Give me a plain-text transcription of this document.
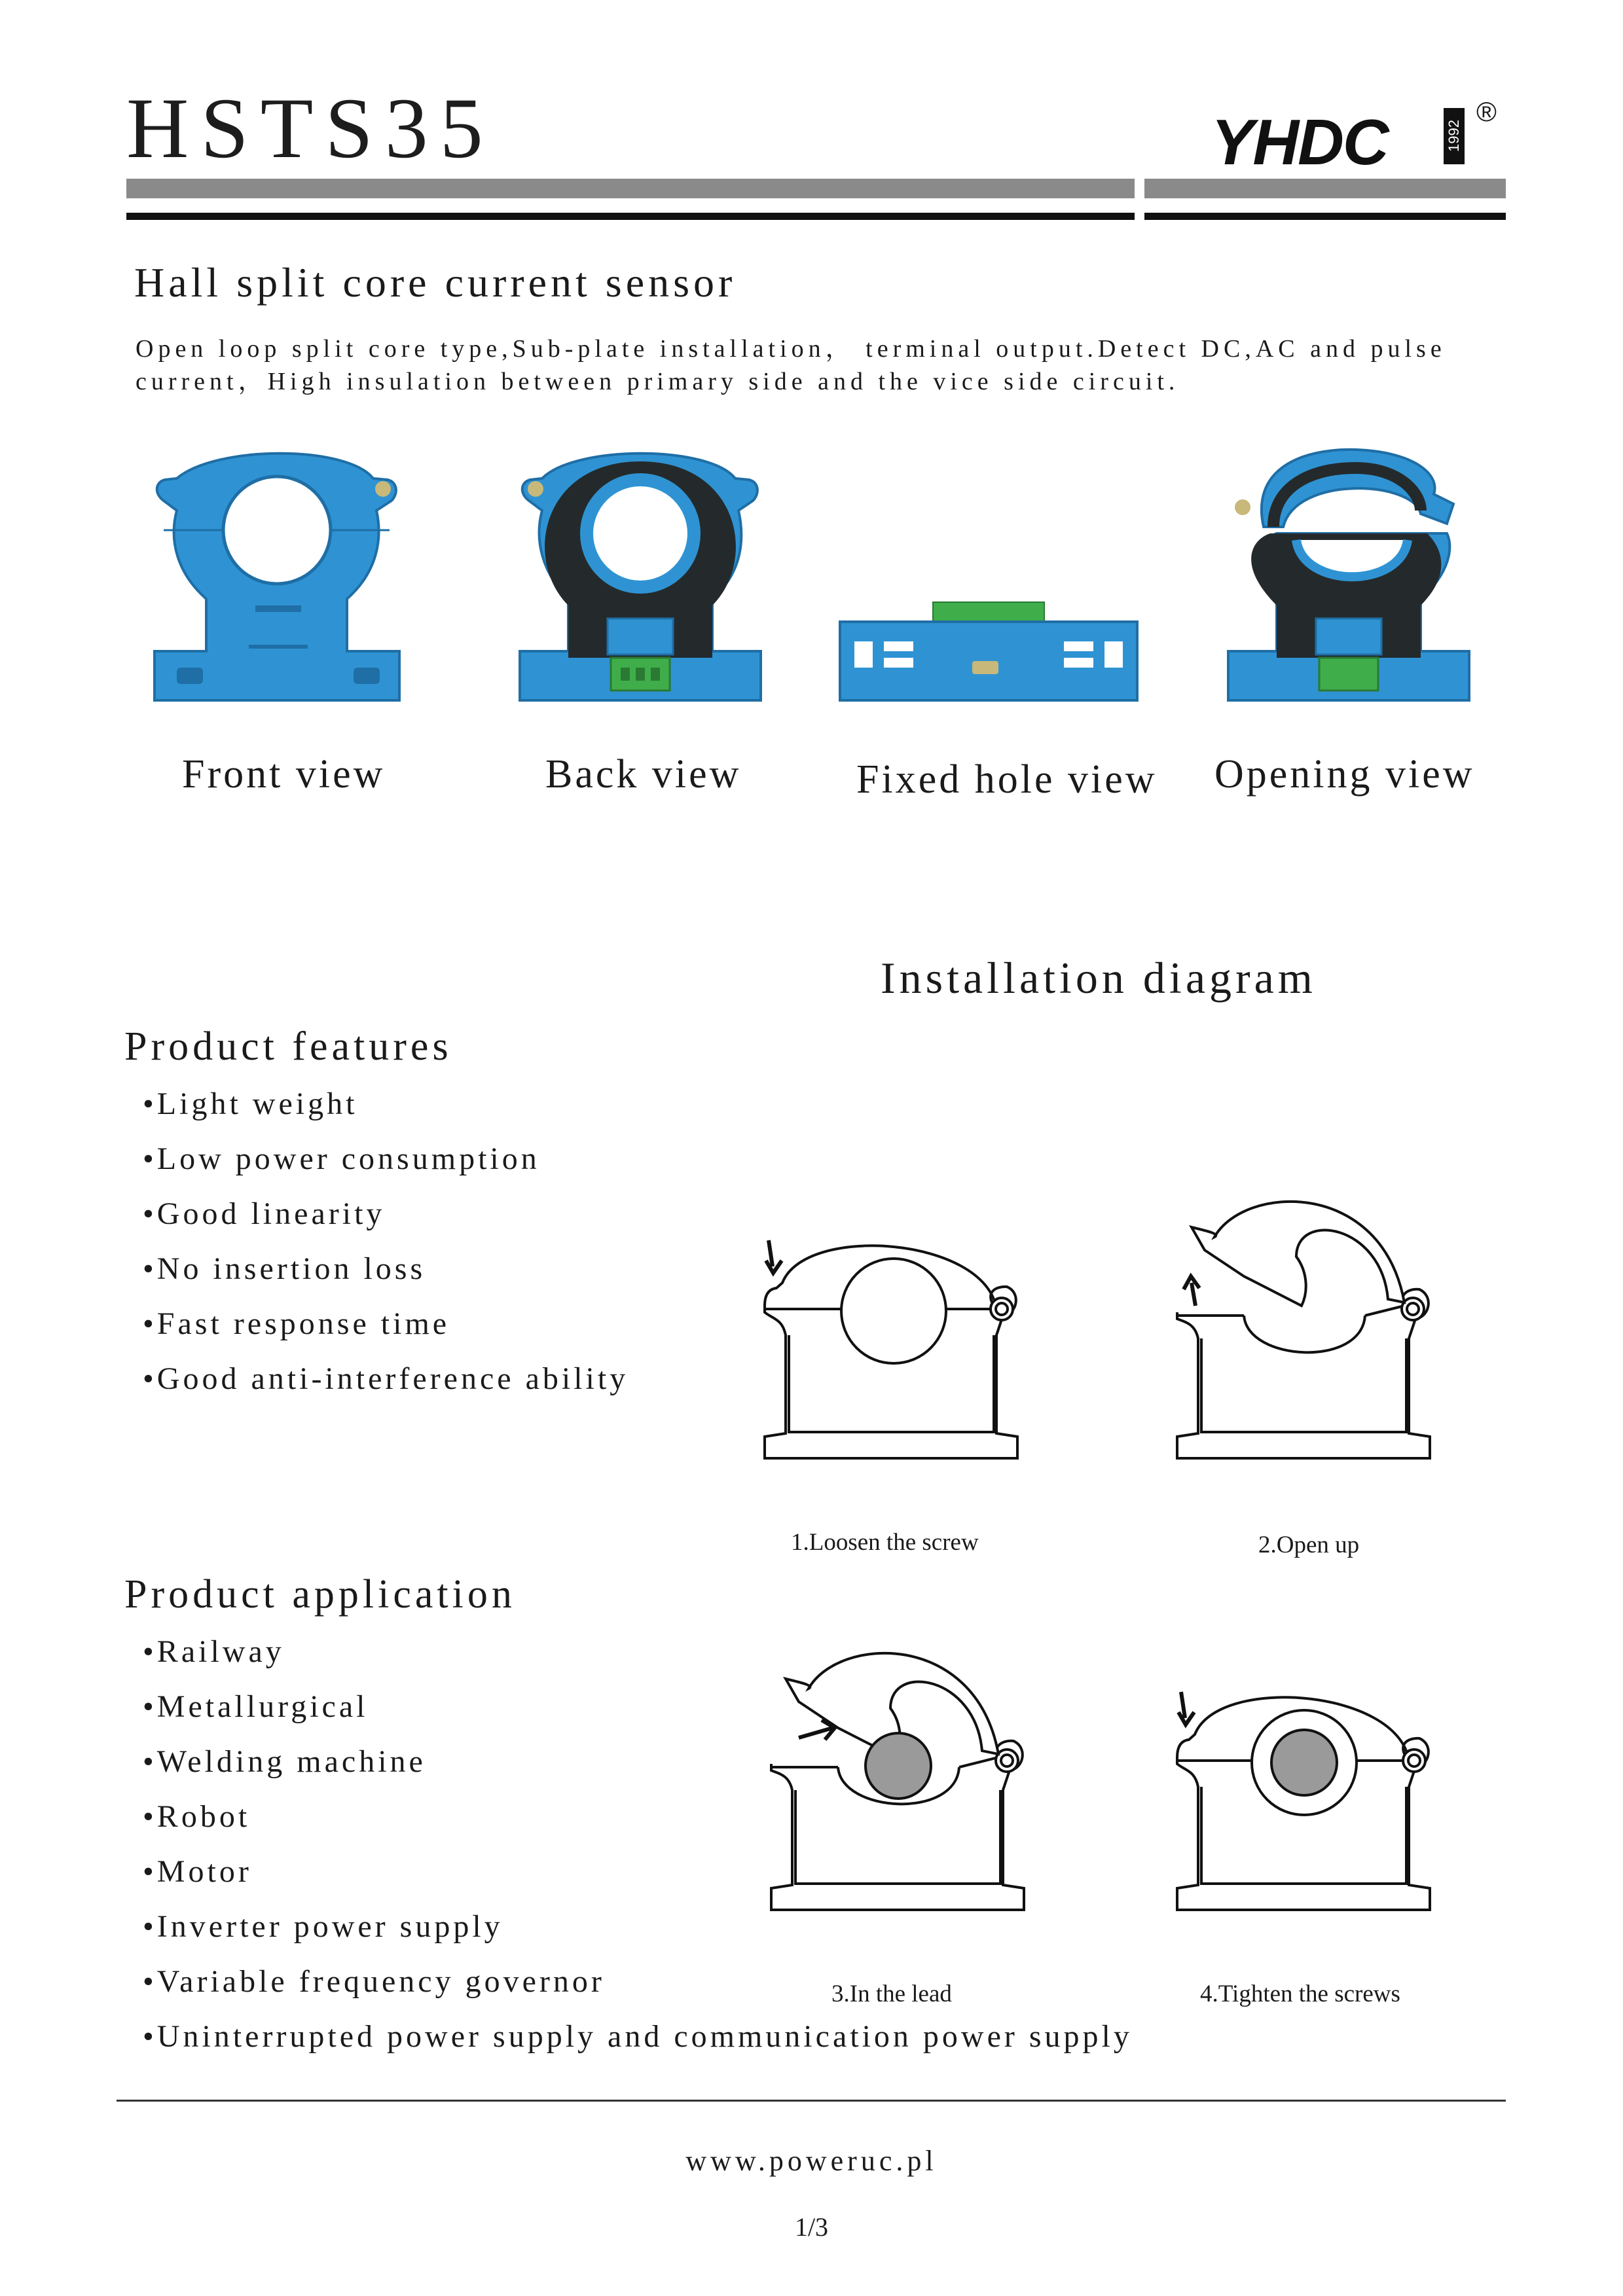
HSTS35	YHDC	1992
®
Hall split core current sensor
Open loop split core type,Sub-plate installation， terminal output.Detect DC,AC and pulse current，High insulation between primary side and the vice side circuit.
Front view	Back view	Fixed hole view Opening view
Installation diagram
Product features
•Light weight
•Low power consumption
•Good linearity
•No insertion loss
•Fast response time
•Good anti-interference ability
Product application
•Railway
•Metallurgical
•Welding machine
•Robot
•Motor
•Inverter power supply
•Variable frequency governor
•Uninterrupted power supply and communication power supply
1.Loosen the screw	2.Open up
3.In the lead	4.Tighten the screws
www.poweruc.pl
1/3
